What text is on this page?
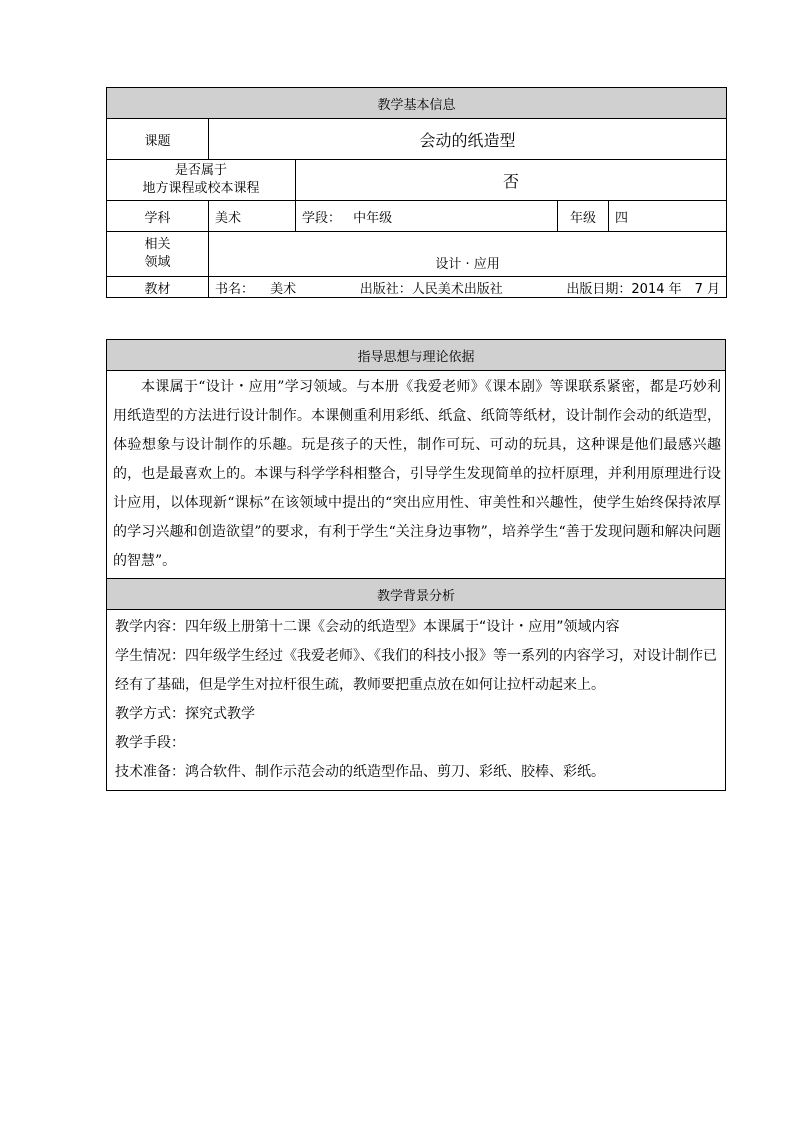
教学基本信息				
课题	会动的纸造型			

是否属于
地方课程或校本课程		否		
学科	美术	学段： 中年级	年级	四

相关
领域	设计 · 应用			
教材	书名： 美术 出版社：人民美术出版社 出版日期：2014 年　7 月			
指导思想与理论依据
本课属于“设计・应用”学习领域。与本册《我爱老师》《课本剧》等课联系紧密，都是巧妙利用纸造型的方法进行设计制作。本课侧重利用彩纸、纸盒、纸筒等纸材，设计制作会动的纸造型，体验想象与设计制作的乐趣。玩是孩子的天性，制作可玩、可动的玩具，这种课是他们最感兴趣的，也是最喜欢上的。本课与科学学科相整合，引导学生发现简单的拉杆原理，并利用原理进行设计应用，以体现新“课标”在该领域中提出的“突出应用性、审美性和兴趣性，使学生始终保持浓厚的学习兴趣和创造欲望”的要求，有利于学生“关注身边事物”，培养学生“善于发现问题和解决问题的智慧”。
教学背景分析

教学内容：四年级上册第十二课《会动的纸造型》本课属于“设计・应用”领域内容

学生情况：四年级学生经过《我爱老师》、《我们的科技小报》等一系列的内容学习，对设计制作已经有了基础，但是学生对拉杆很生疏，教师要把重点放在如何让拉杆动起来上。

教学方式：探究式教学

教学手段：

技术准备：鸿合软件、制作示范会动的纸造型作品、剪刀、彩纸、胶棒、彩纸。
